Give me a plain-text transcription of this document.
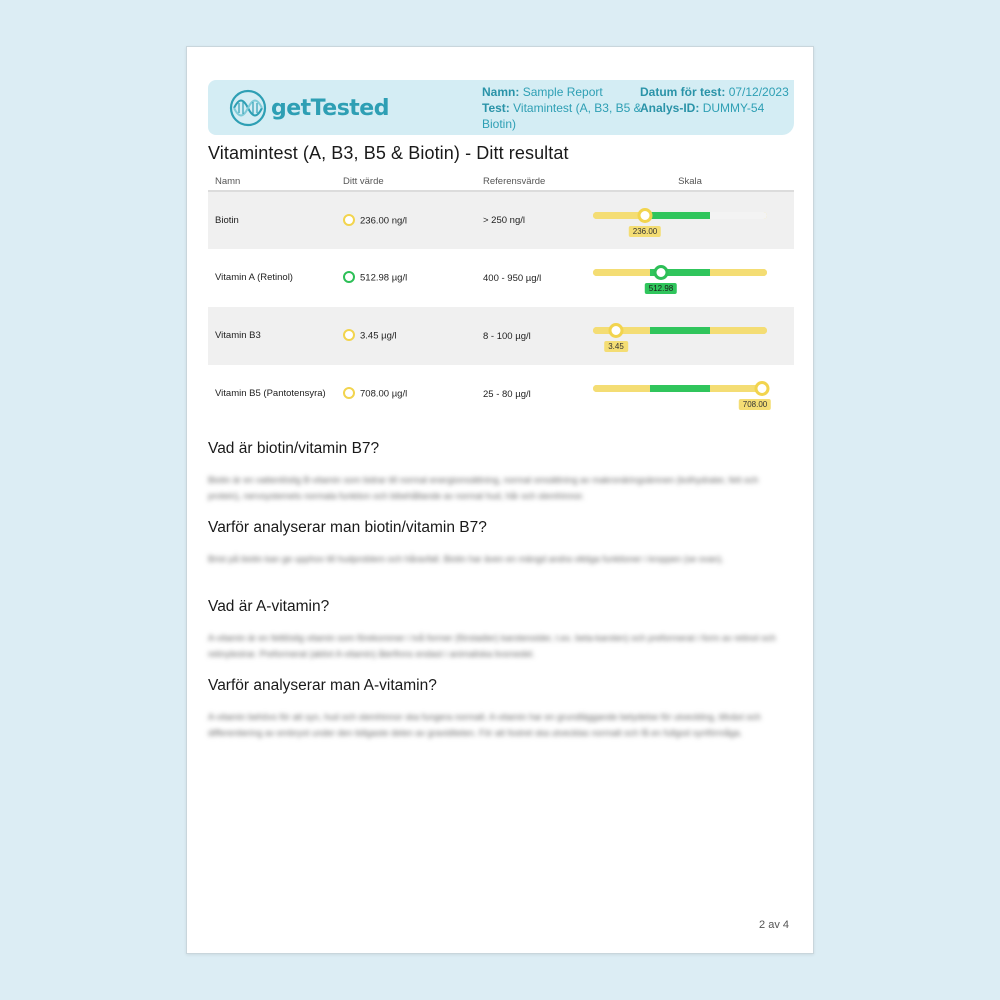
getTested
Namn: Sample Report
Test: Vitamintest (A, B3, B5 & Biotin)
Datum för test: 07/12/2023
Analys-ID: DUMMY-54
Vitamintest (A, B3, B5 & Biotin) - Ditt resultat
Namn	Ditt värde	Referensvärde	Skala
Biotin	236.00 ng/l	> 250 ng/l	236.00

Vitamin A (Retinol)	512.98 µg/l	400 - 950 µg/l	512.98

Vitamin B3	3.45 µg/l	8 - 100 µg/l	3.45

Vitamin B5 (Pantotensyra)	708.00 µg/l	25 - 80 µg/l	708.00
Vad är biotin/vitamin B7?

Biotin är en vattenlöslig B-vitamin som bidrar till normal energiomsättning, normal omsättning av makronäringsämnen (kolhydrater, fett och protein), nervsystemets normala funktion och bibehållande av normal hud, hår och slemhinnor.

Varför analyserar man biotin/vitamin B7?

Brist på biotin kan ge upphov till hudproblem och håravfall. Biotin har även en mängd andra viktiga funktioner i kroppen (se ovan).

Vad är A-vitamin?

A-vitamin är en fettlöslig vitamin som förekommer i två former (förstadier) karotenoider, t.ex. beta-karoten) och preformerat i form av retinol och retinylestrar. Preformerat (aktivt A-vitamin) återfinns endast i animaliska livsmedel.

Varför analyserar man A-vitamin?

A-vitamin behövs för att syn, hud och slemhinnor ska fungera normalt. A-vitamin har en grundläggande betydelse för utveckling, tillväxt och differentiering av embryot under den tidigaste delen av graviditeten. För att fostret ska utvecklas normalt och få en fullgod synförmåga.

2 av 4
